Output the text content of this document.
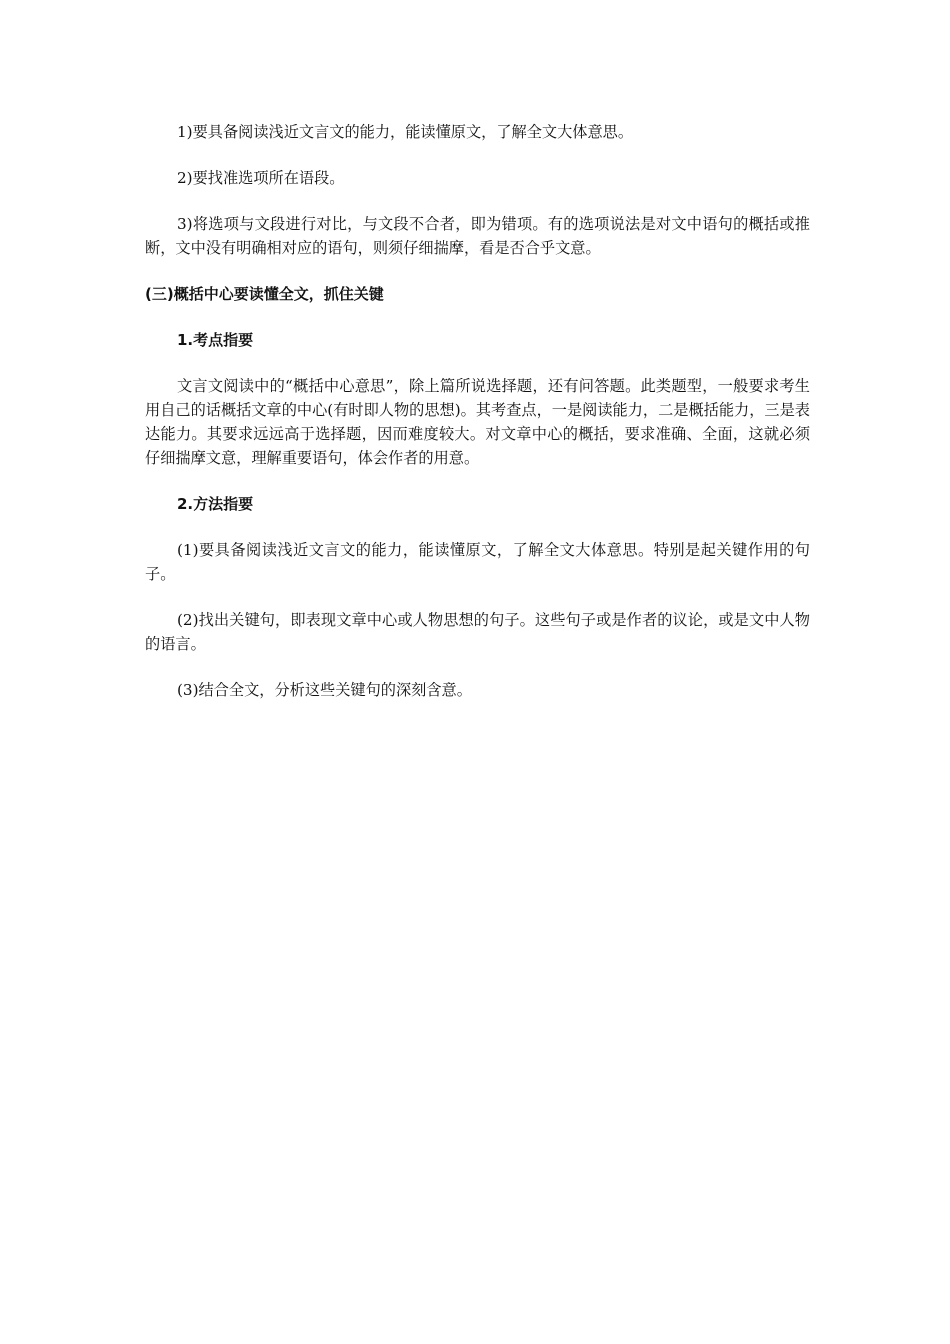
1)要具备阅读浅近文言文的能力，能读懂原文，了解全文大体意思。

2)要找准选项所在语段。

3)将选项与文段进行对比，与文段不合者，即为错项。有的选项说法是对文中语句的概括或推断，文中没有明确相对应的语句，则须仔细揣摩，看是否合乎文意。

(三)概括中心要读懂全文，抓住关键

1.考点指要

文言文阅读中的“概括中心意思”，除上篇所说选择题，还有问答题。此类题型，一般要求考生用自己的话概括文章的中心(有时即人物的思想)。其考查点，一是阅读能力，二是概括能力，三是表达能力。其要求远远高于选择题，因而难度较大。对文章中心的概括，要求准确、全面，这就必须仔细揣摩文意，理解重要语句，体会作者的用意。

2.方法指要

(1)要具备阅读浅近文言文的能力，能读懂原文，了解全文大体意思。特别是起关键作用的句子。

(2)找出关键句，即表现文章中心或人物思想的句子。这些句子或是作者的议论，或是文中人物的语言。

(3)结合全文，分析这些关键句的深刻含意。
